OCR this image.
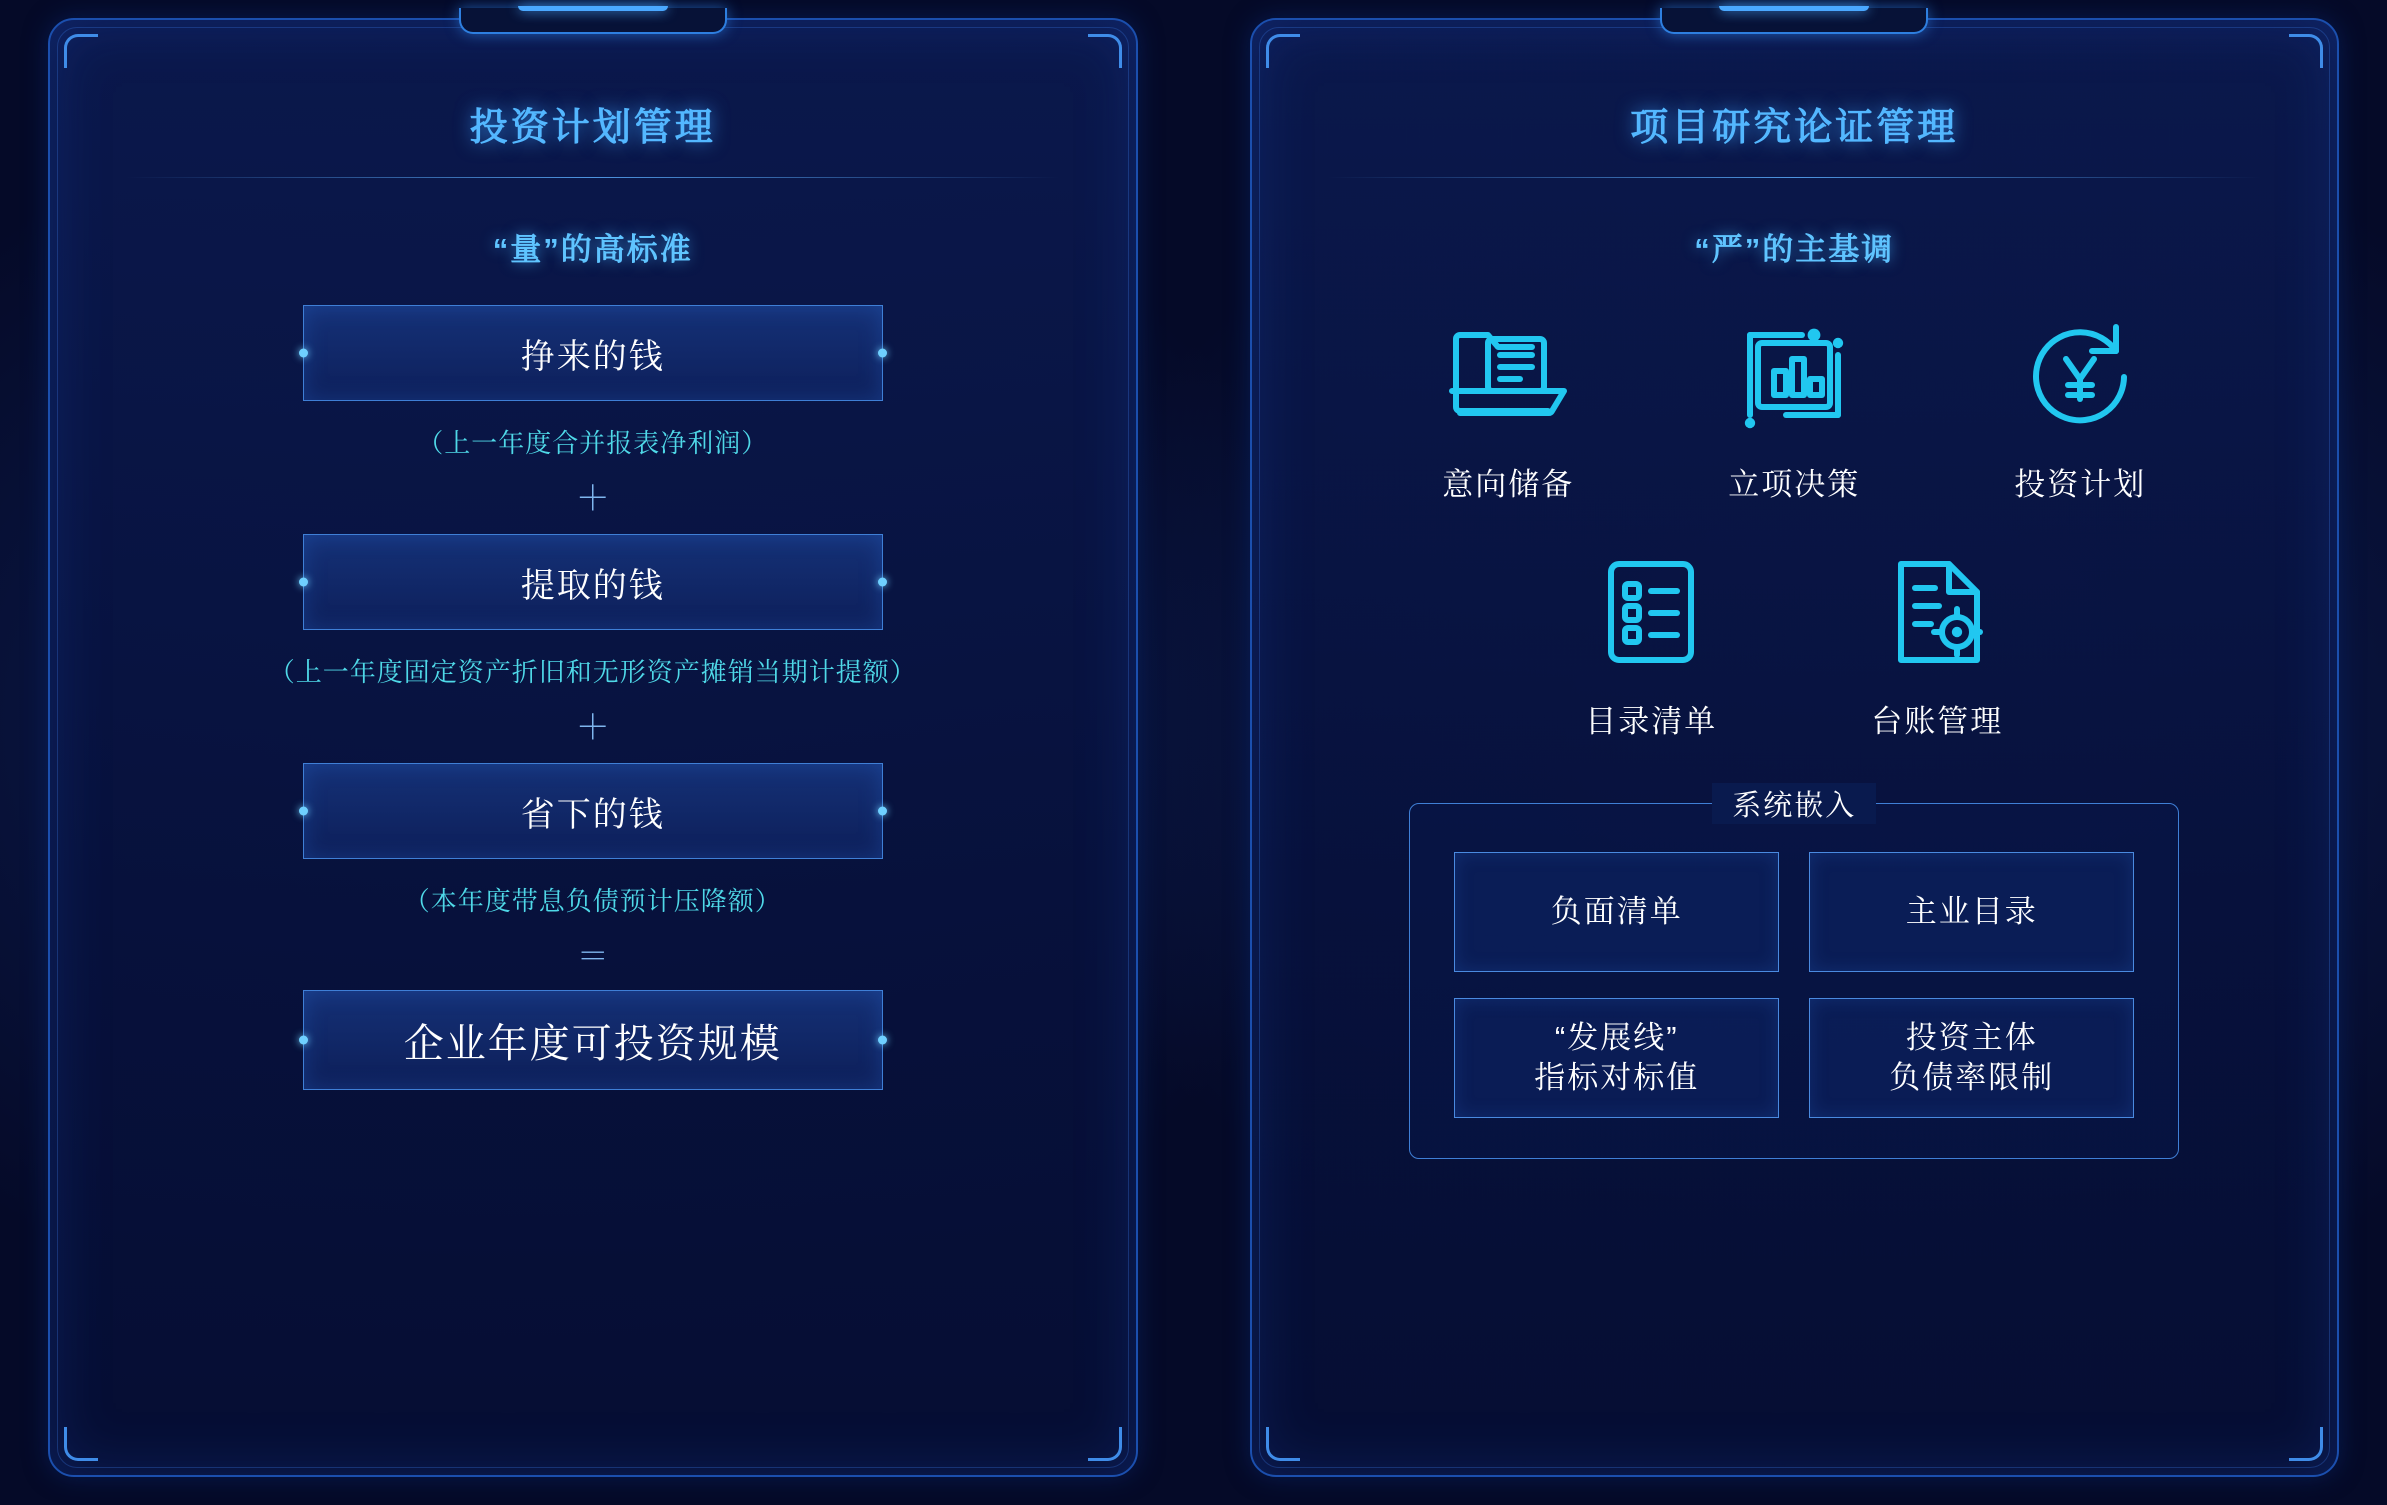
投资计划管理
“量”的高标准
挣来的钱
（上一年度合并报表净利润）
＋
提取的钱
（上一年度固定资产折旧和无形资产摊销当期计提额）
＋
省下的钱
（本年度带息负债预计压降额）
＝
企业年度可投资规模
项目研究论证管理
“严”的主基调
意向储备	立项决策	投资计划
目录清单	台账管理
系统嵌入
负面清单	主业目录
“发展线”
指标对标值
投资主体
负债率限制
